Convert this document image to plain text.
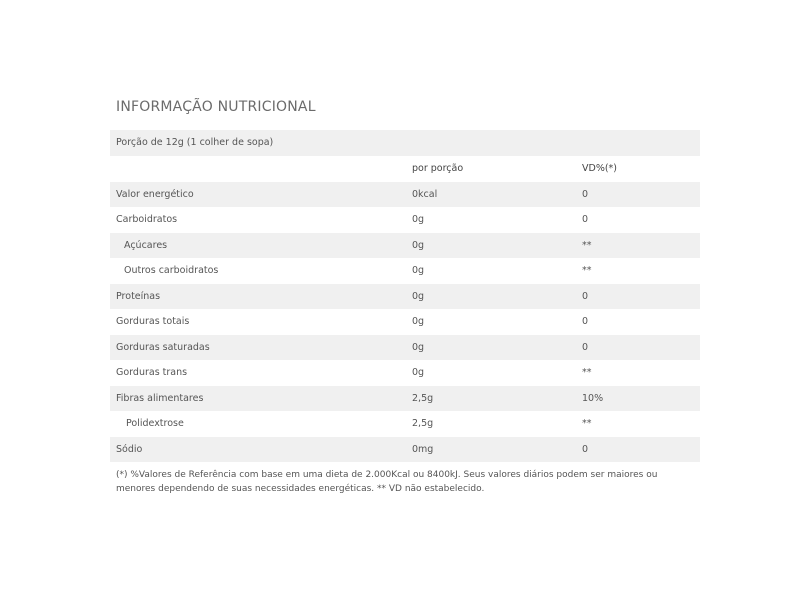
INFORMAÇÃO NUTRICIONAL
Porção de 12g (1 colher de sopa)
	por porção	VD%(*)
Valor energético	0kcal	0
Carboidratos	0g	0
Açúcares	0g	**
Outros carboidratos	0g	**
Proteínas	0g	0
Gorduras totais	0g	0
Gorduras saturadas	0g	0
Gorduras trans	0g	**
Fibras alimentares	2,5g	10%
Polidextrose	2,5g	**
Sódio	0mg	0
(*) %Valores de Referência com base em uma dieta de 2.000Kcal ou 8400kJ. Seus valores diários podem ser maiores ou menores dependendo de suas necessidades energéticas. ** VD não estabelecido.
